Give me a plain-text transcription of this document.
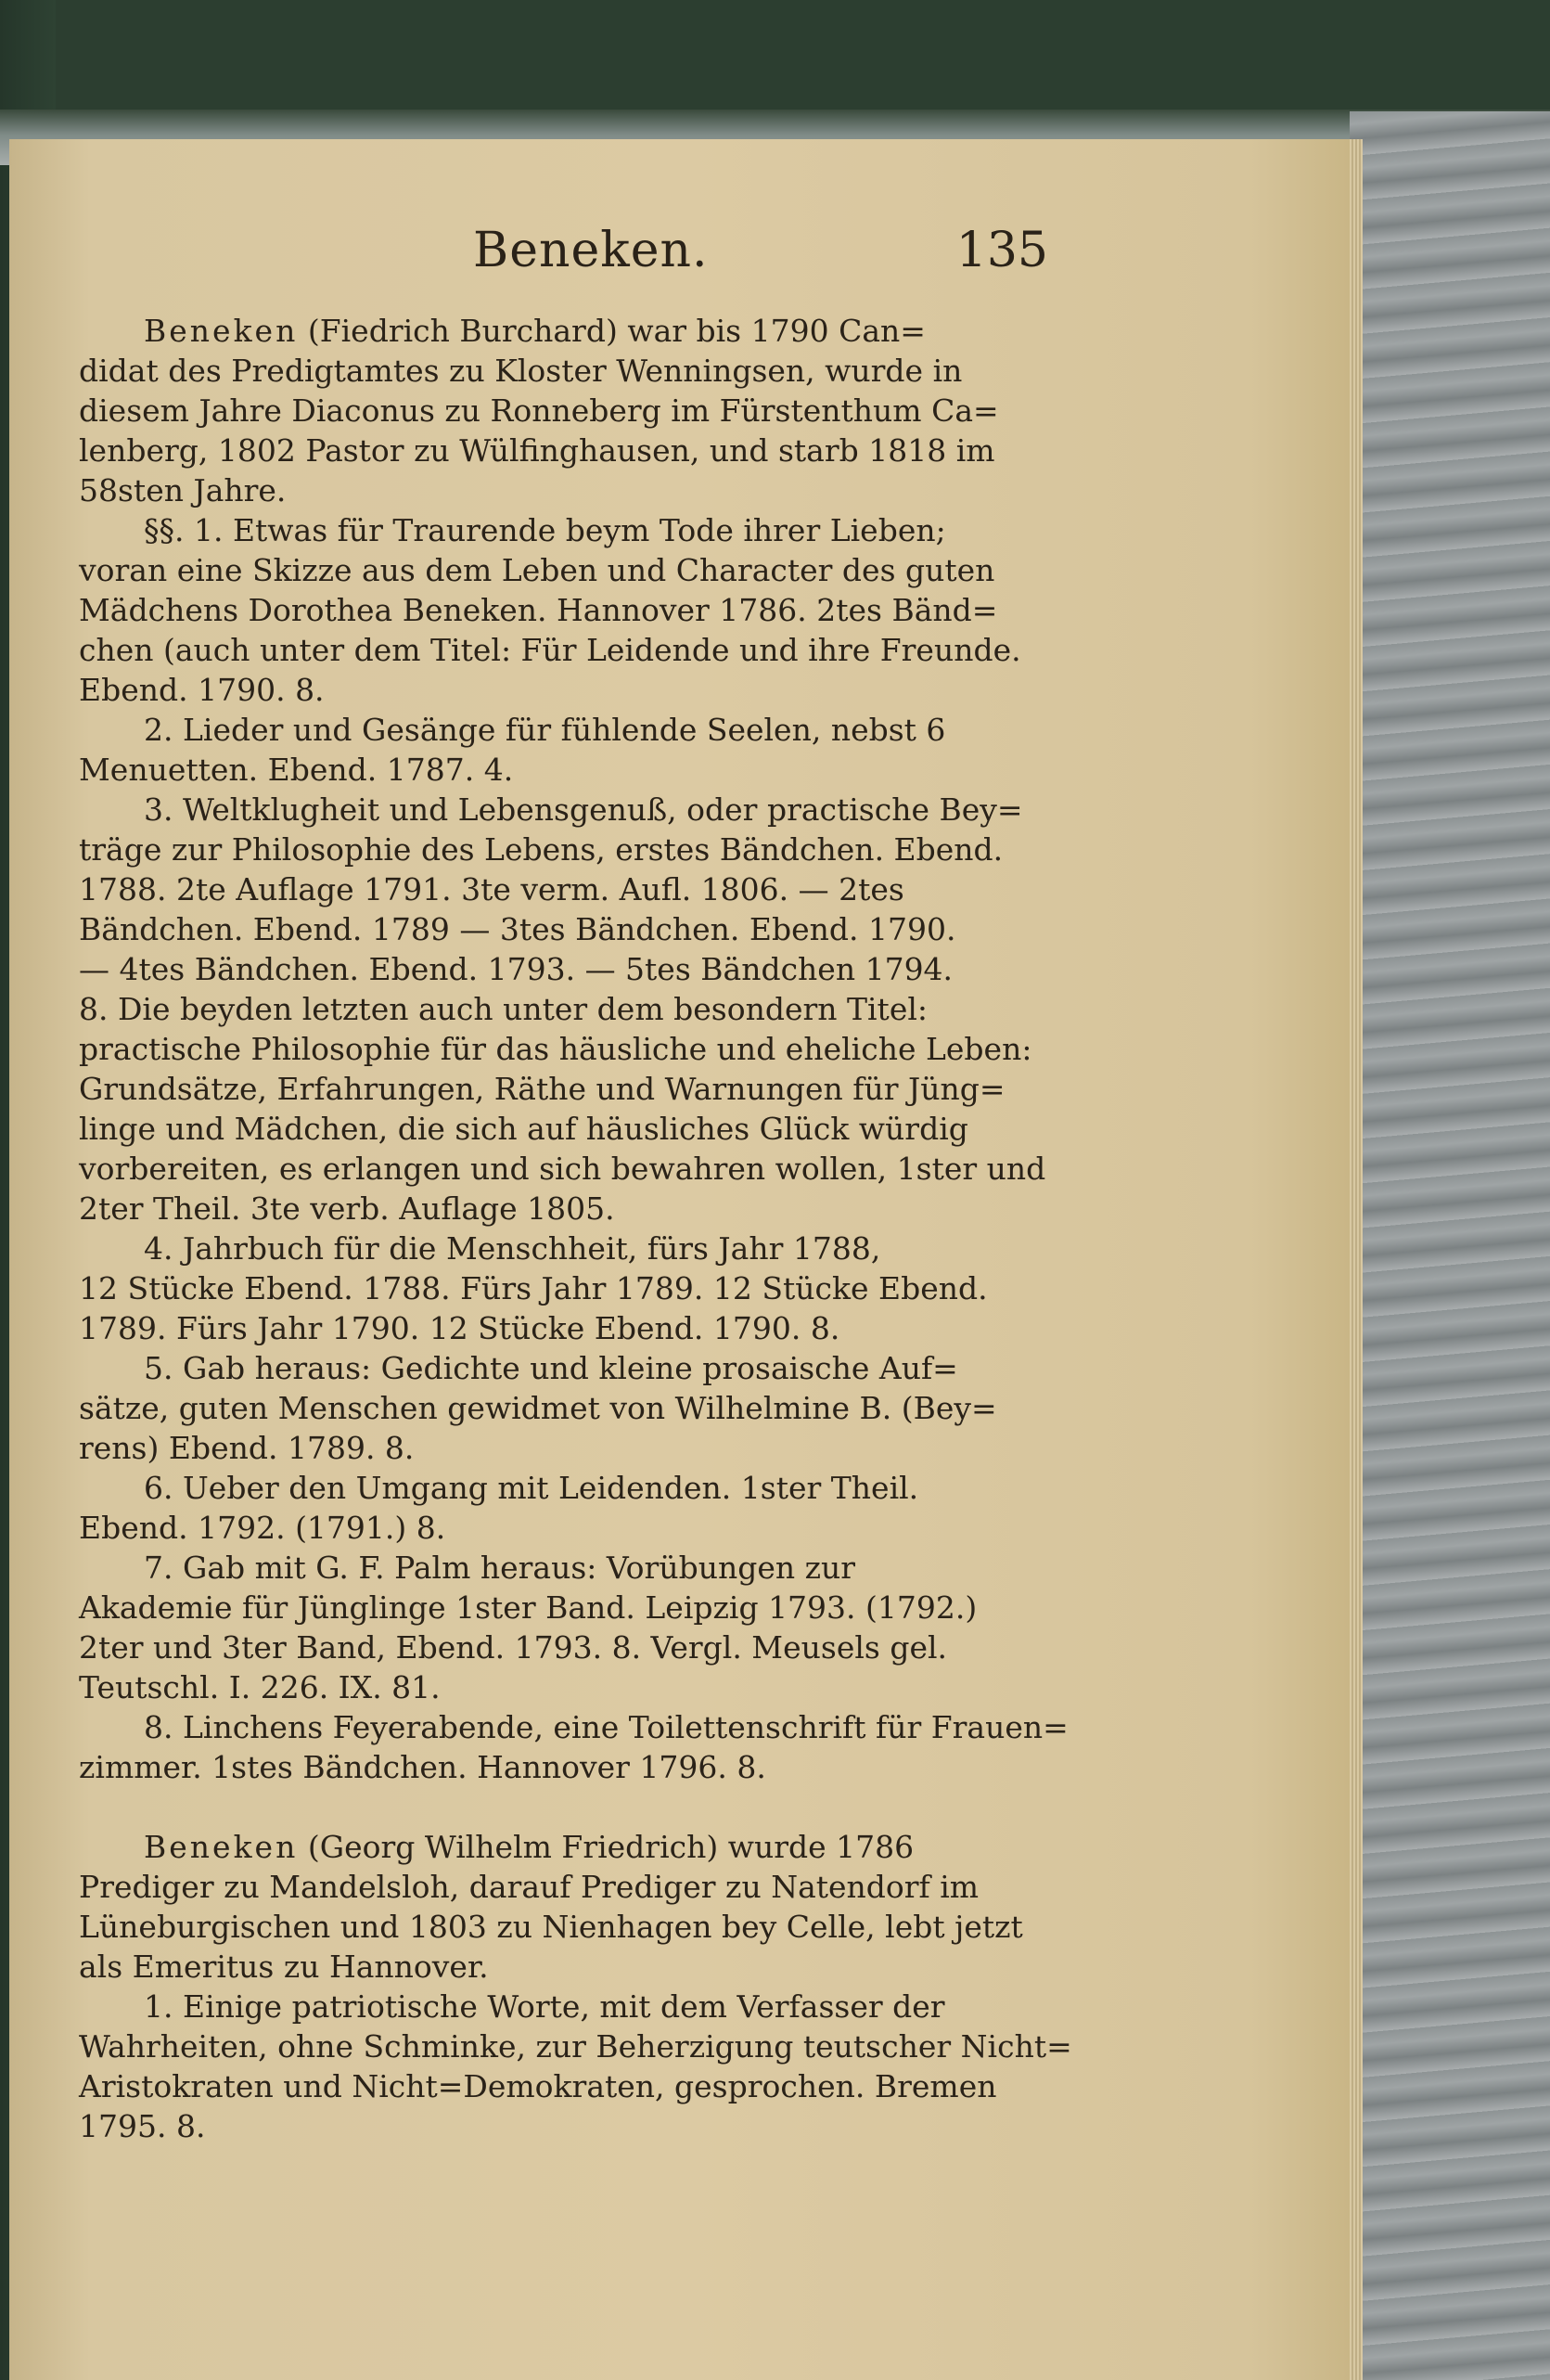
Beneken.	135
Beneken (Fiedrich Burchard) war bis 1790 Can=
didat des Predigtamtes zu Kloster Wenningsen, wurde in
diesem Jahre Diaconus zu Ronneberg im Fürstenthum Ca=
lenberg, 1802 Pastor zu Wülfinghausen, und starb 1818 im
58sten Jahre.
§§. 1. Etwas für Traurende beym Tode ihrer Lieben;
voran eine Skizze aus dem Leben und Character des guten
Mädchens Dorothea Beneken. Hannover 1786. 2tes Bänd=
chen (auch unter dem Titel: Für Leidende und ihre Freunde.
Ebend. 1790. 8.
2. Lieder und Gesänge für fühlende Seelen, nebst 6
Menuetten. Ebend. 1787. 4.
3. Weltklugheit und Lebensgenuß, oder practische Bey=
träge zur Philosophie des Lebens, erstes Bändchen. Ebend.
1788. 2te Auflage 1791. 3te verm. Aufl. 1806. — 2tes
Bändchen. Ebend. 1789 — 3tes Bändchen. Ebend. 1790.
— 4tes Bändchen. Ebend. 1793. — 5tes Bändchen 1794.
8. Die beyden letzten auch unter dem besondern Titel:
practische Philosophie für das häusliche und eheliche Leben:
Grundsätze, Erfahrungen, Räthe und Warnungen für Jüng=
linge und Mädchen, die sich auf häusliches Glück würdig
vorbereiten, es erlangen und sich bewahren wollen, 1ster und
2ter Theil. 3te verb. Auflage 1805.
4. Jahrbuch für die Menschheit, fürs Jahr 1788,
12 Stücke Ebend. 1788. Fürs Jahr 1789. 12 Stücke Ebend.
1789. Fürs Jahr 1790. 12 Stücke Ebend. 1790. 8.
5. Gab heraus: Gedichte und kleine prosaische Auf=
sätze, guten Menschen gewidmet von Wilhelmine B. (Bey=
rens) Ebend. 1789. 8.
6. Ueber den Umgang mit Leidenden. 1ster Theil.
Ebend. 1792. (1791.) 8.
7. Gab mit G. F. Palm heraus: Vorübungen zur
Akademie für Jünglinge 1ster Band. Leipzig 1793. (1792.)
2ter und 3ter Band, Ebend. 1793. 8. Vergl. Meusels gel.
Teutschl. I. 226. IX. 81.
8. Linchens Feyerabende, eine Toilettenschrift für Frauen=
zimmer. 1stes Bändchen. Hannover 1796. 8.
Beneken (Georg Wilhelm Friedrich) wurde 1786
Prediger zu Mandelsloh, darauf Prediger zu Natendorf im
Lüneburgischen und 1803 zu Nienhagen bey Celle, lebt jetzt
als Emeritus zu Hannover.
1. Einige patriotische Worte, mit dem Verfasser der
Wahrheiten, ohne Schminke, zur Beherzigung teutscher Nicht=
Aristokraten und Nicht=Demokraten, gesprochen. Bremen
1795. 8.
